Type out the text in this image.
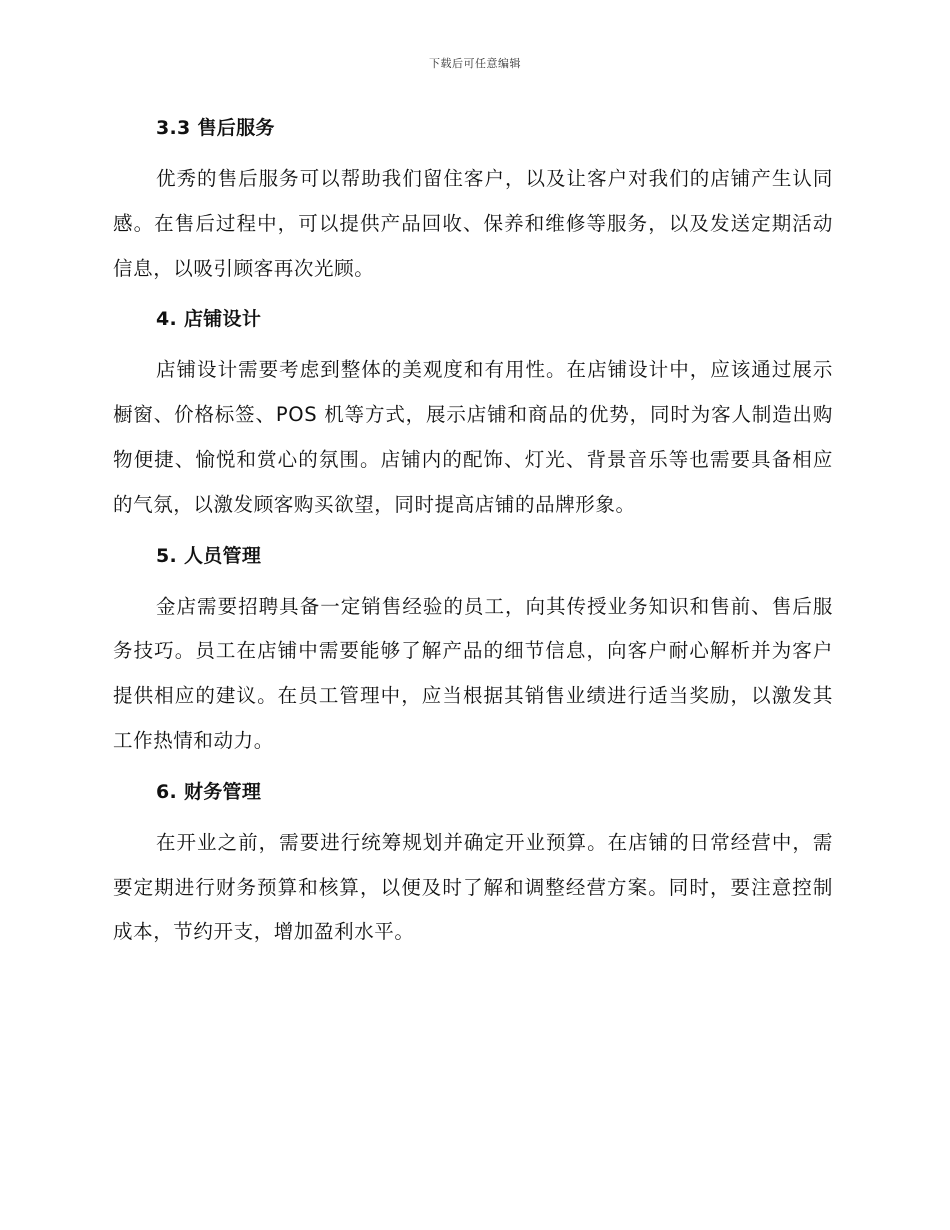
下载后可任意编辑
3.3 售后服务

优秀的售后服务可以帮助我们留住客户，以及让客户对我们的店铺产生认同感。在售后过程中，可以提供产品回收、保养和维修等服务，以及发送定期活动信息，以吸引顾客再次光顾。

4. 店铺设计

店铺设计需要考虑到整体的美观度和有用性。在店铺设计中，应该通过展示橱窗、价格标签、POS 机等方式，展示店铺和商品的优势，同时为客人制造出购物便捷、愉悦和赏心的氛围。店铺内的配饰、灯光、背景音乐等也需要具备相应的气氛，以激发顾客购买欲望，同时提高店铺的品牌形象。

5. 人员管理

金店需要招聘具备一定销售经验的员工，向其传授业务知识和售前、售后服务技巧。员工在店铺中需要能够了解产品的细节信息，向客户耐心解析并为客户提供相应的建议。在员工管理中，应当根据其销售业绩进行适当奖励，以激发其工作热情和动力。

6. 财务管理

在开业之前，需要进行统筹规划并确定开业预算。在店铺的日常经营中，需要定期进行财务预算和核算，以便及时了解和调整经营方案。同时，要注意控制成本，节约开支，增加盈利水平。
